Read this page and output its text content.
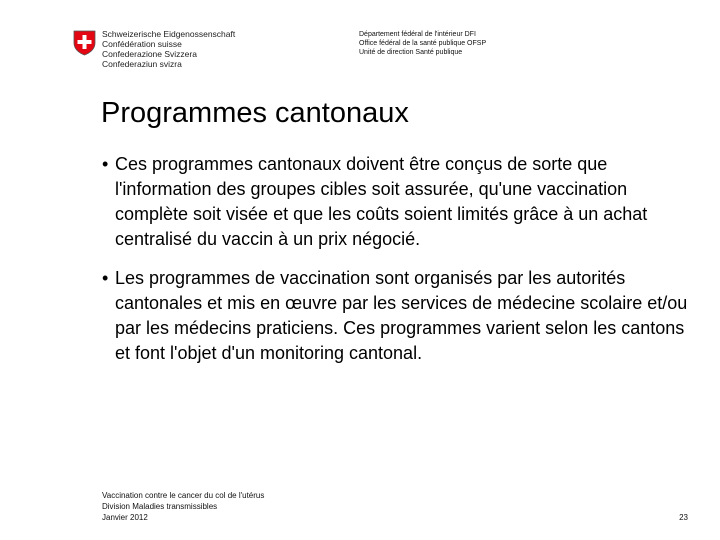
Schweizerische Eidgenossenschaft
Confédération suisse
Confederazione Svizzera
Confederaziun svizra
Département fédéral de l'intérieur DFI
Office fédéral de la santé publique OFSP
Unité de direction Santé publique
Programmes cantonaux
• Ces programmes cantonaux doivent être conçus de sorte que l'information des groupes cibles soit assurée, qu'une vaccination complète soit visée et que les coûts soient limités grâce à un achat centralisé du vaccin à un prix négocié.
• Les programmes de vaccination sont organisés par les autorités cantonales et mis en œuvre par les services de médecine scolaire et/ou par les médecins praticiens. Ces programmes varient selon les cantons et font l'objet d'un monitoring cantonal.
Vaccination contre le cancer du col de l'utérus
Division Maladies transmissibles
Janvier 2012	23
